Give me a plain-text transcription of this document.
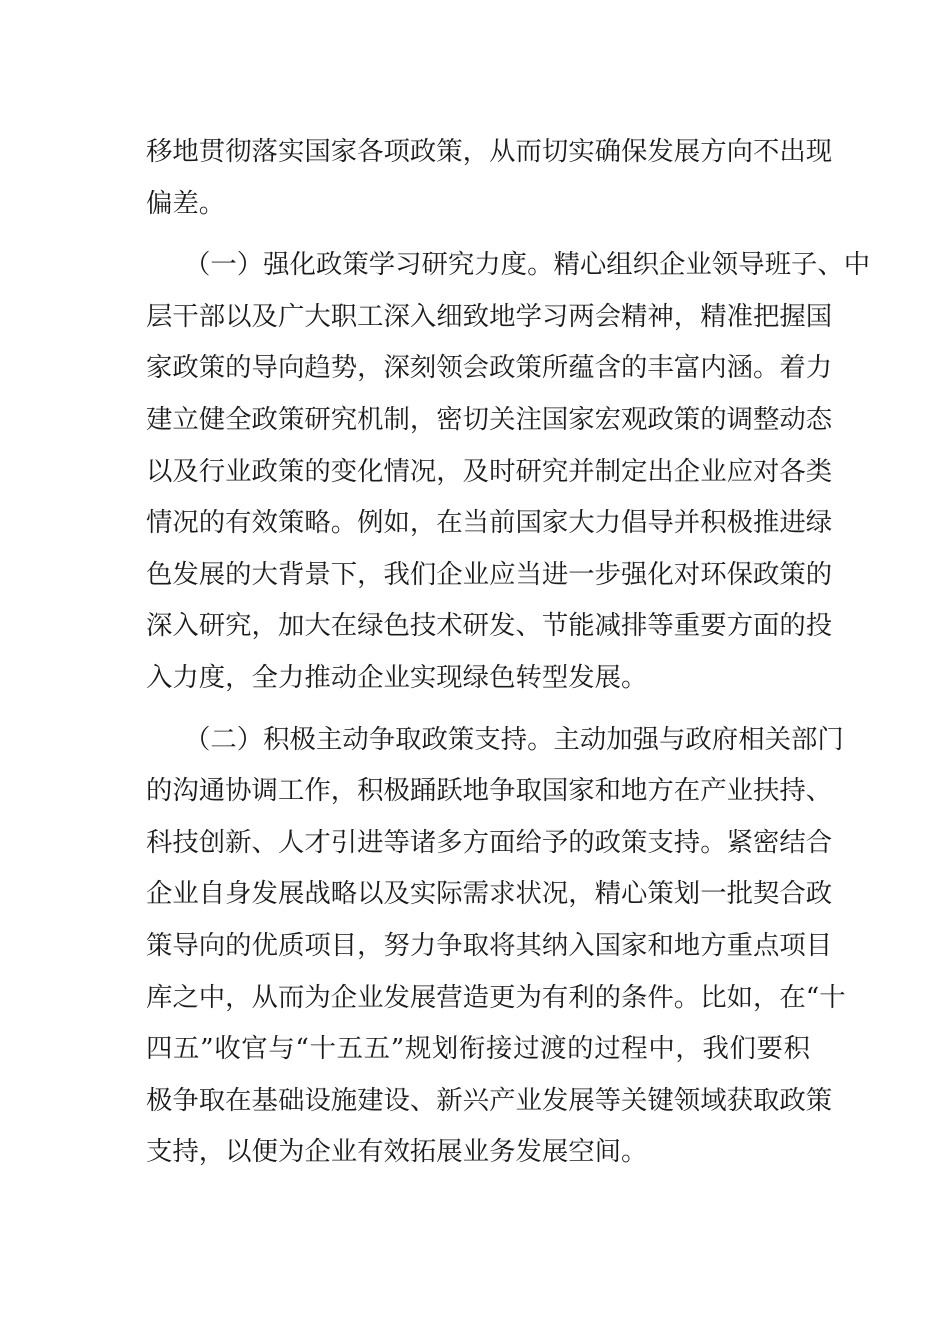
移地贯彻落实国家各项政策，从而切实确保发展方向不出现
偏差。
（一）强化政策学习研究力度。精心组织企业领导班子、中
层干部以及广大职工深入细致地学习两会精神，精准把握国
家政策的导向趋势，深刻领会政策所蕴含的丰富内涵。着力
建立健全政策研究机制，密切关注国家宏观政策的调整动态
以及行业政策的变化情况，及时研究并制定出企业应对各类
情况的有效策略。例如，在当前国家大力倡导并积极推进绿
色发展的大背景下，我们企业应当进一步强化对环保政策的
深入研究，加大在绿色技术研发、节能减排等重要方面的投
入力度，全力推动企业实现绿色转型发展。
（二）积极主动争取政策支持。主动加强与政府相关部门
的沟通协调工作，积极踊跃地争取国家和地方在产业扶持、
科技创新、人才引进等诸多方面给予的政策支持。紧密结合
企业自身发展战略以及实际需求状况，精心策划一批契合政
策导向的优质项目，努力争取将其纳入国家和地方重点项目
库之中，从而为企业发展营造更为有利的条件。比如，在“十
四五”收官与“十五五”规划衔接过渡的过程中，我们要积
极争取在基础设施建设、新兴产业发展等关键领域获取政策
支持，以便为企业有效拓展业务发展空间。
